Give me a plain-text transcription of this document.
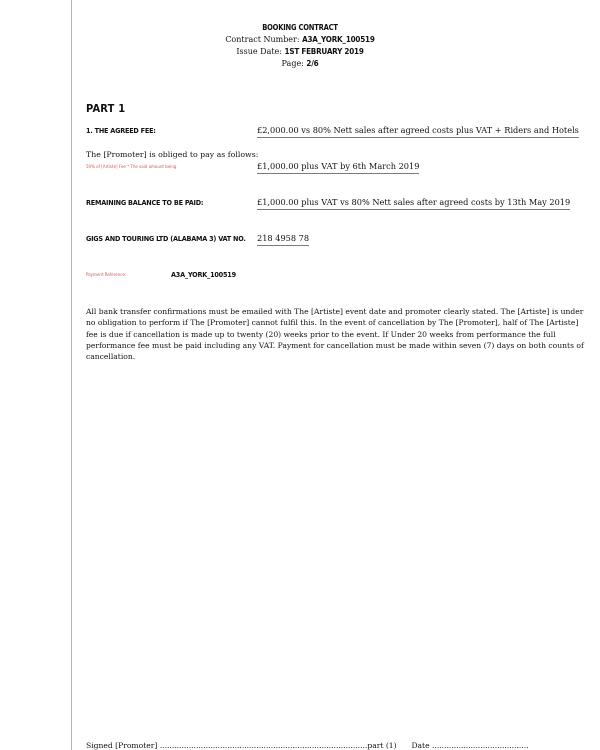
BOOKING CONTRACT
Contract Number: A3A_YORK_100519
Issue Date: 1ST FEBRUARY 2019
Page: 2/6
PART 1
1. THE AGREED FEE:	£2,000.00 vs 80% Nett sales after agreed costs plus VAT + Riders and Hotels
The [Promoter] is obliged to pay as follows:
50% of [Artiste] Fee * The said amount being	£1,000.00 plus VAT by 6th March 2019
REMAINING BALANCE TO BE PAID:	£1,000.00 plus VAT vs 80% Nett sales after agreed costs by 13th May 2019
GIGS AND TOURING LTD (ALABAMA 3) VAT NO. 218 4958 78
Payment Reference:	A3A_YORK_100519
All bank transfer confirmations must be emailed with The [Artiste] event date and promoter clearly stated. The [Artiste] is under no obligation to perform if The [Promoter] cannot fulfil this. In the event of cancellation by The [Promoter], half of The [Artiste] fee is due if cancellation is made up to twenty (20) weeks prior to the event. If Under 20 weeks from performance the full performance fee must be paid including any VAT. Payment for cancellation must be made within seven (7) days on both counts of cancellation.
Signed [Promoter] ......................................................................................part (1) Date ........................................
